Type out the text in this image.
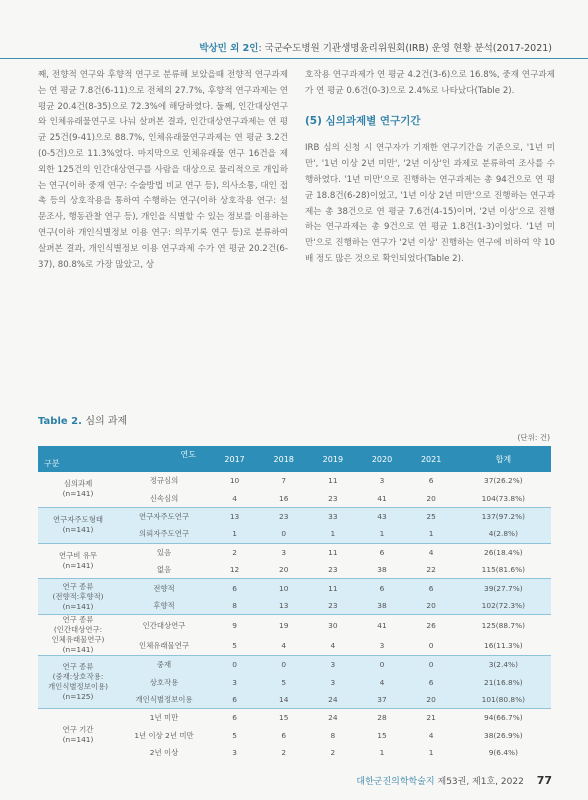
박상민 외 2인: 국군수도병원 기관생명윤리위원회(IRB) 운영 현황 분석(2017-2021)

째, 전향적 연구와 후향적 연구로 분류해 보았을때 전향적 연구과제는 연 평균 7.8건(6-11)으로 전체의 27.7%, 후향적 연구과제는 연 평균 20.4건(8-35)으로 72.3%에 해당하였다. 둘째, 인간대상연구와 인체유래물연구로 나눠 살펴본 결과, 인간대상연구과제는 연 평균 25건(9-41)으로 88.7%, 인체유래물연구과제는 연 평균 3.2건(0-5건)으로 11.3%였다. 마지막으로 인체유래물 연구 16건을 제외한 125건의 인간대상연구를 사람을 대상으로 물리적으로 개입하는 연구(이하 중재 연구: 수술방법 비교 연구 등), 의사소통, 대인 접촉 등의 상호작용을 통하여 수행하는 연구(이하 상호작용 연구: 설문조사, 행동관찰 연구 등), 개인을 식별할 수 있는 정보를 이용하는 연구(이하 개인식별정보 이용 연구: 의무기록 연구 등)로 분류하여 살펴본 결과, 개인식별정보 이용 연구과제 수가 연 평균 20.2건(6-37), 80.8%로 가장 많았고, 상

호작용 연구과제가 연 평균 4.2건(3-6)으로 16.8%, 중재 연구과제가 연 평균 0.6건(0-3)으로 2.4%로 나타났다(Table 2).

(5) 심의과제별 연구기간

IRB 심의 신청 시 연구자가 기재한 연구기간을 기준으로, '1년 미만', '1년 이상 2년 미만', '2년 이상'인 과제로 분류하여 조사를 수행하였다. '1년 미만'으로 진행하는 연구과제는 총 94건으로 연 평균 18.8건(6-28)이었고, '1년 이상 2년 미만'으로 진행하는 연구과제는 총 38건으로 연 평균 7.6건(4-15)이며, '2년 이상'으로 진행하는 연구과제는 총 9건으로 연 평균 1.8건(1-3)이었다. '1년 미만'으로 진행하는 연구가 '2년 이상' 진행하는 연구에 비하여 약 10배 정도 많은 것으로 확인되었다(Table 2).

Table 2. 심의 과제
(단위: 건)
연도
구분		2017	2018	2019	2020	2021	합계
심의과제
(n=141)	정규심의	10	7	11	3	6	37(26.2%)
	신속심의	4	16	23	41	20	104(73.8%)
연구자주도형태
(n=141)	연구자주도연구	13	23	33	43	25	137(97.2%)
	의뢰자주도연구	1	0	1	1	1	4(2.8%)
연구비 유무
(n=141)	있음	2	3	11	6	4	26(18.4%)
	없음	12	20	23	38	22	115(81.6%)
연구 종류
(전향적:후향적)
(n=141)	전향적	6	10	11	6	6	39(27.7%)
	후향적	8	13	23	38	20	102(72.3%)
연구 종류
(인간대상연구:
인체유래물연구)
(n=141)	인간대상연구	9	19	30	41	26	125(88.7%)
	인체유래물연구	5	4	4	3	0	16(11.3%)
연구 종류
(중재:상호작용:
개인식별정보이용)
(n=125)	중재	0	0	3	0	0	3(2.4%)
	상호작용	3	5	3	4	6	21(16.8%)
	개인식별정보이용	6	14	24	37	20	101(80.8%)
연구 기간
(n=141)	1년 미만	6	15	24	28	21	94(66.7%)
	1년 이상 2년 미만	5	6	8	15	4	38(26.9%)
	2년 이상	3	2	2	1	1	9(6.4%)
대한군진의학학술지 제53권, 제1호, 2022 77
